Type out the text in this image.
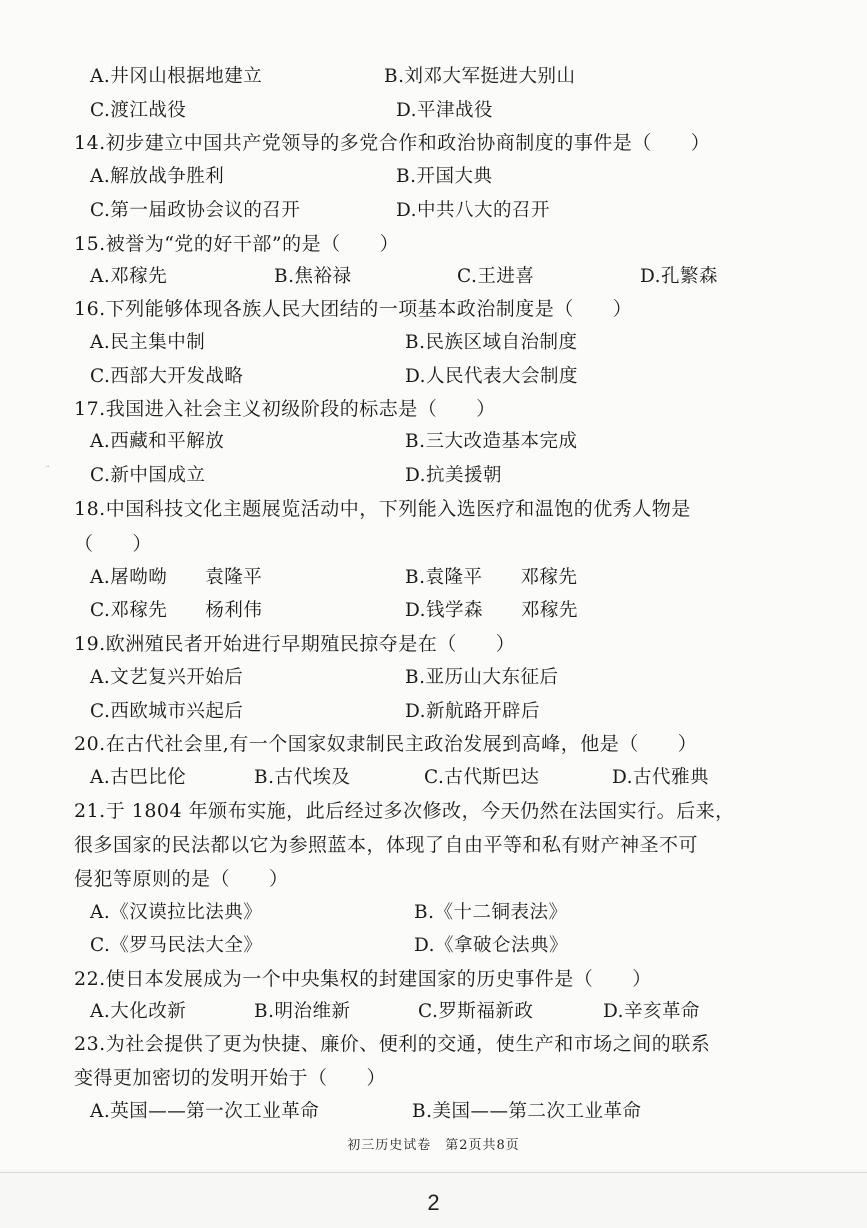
ᵕ
A.井冈山根据地建立	B.刘邓大军挺进大别山
C.渡江战役	D.平津战役
14.初步建立中国共产党领导的多党合作和政治协商制度的事件是（　　）
A.解放战争胜利	B.开国大典
C.第一届政协会议的召开	D.中共八大的召开
15.被誉为“党的好干部”的是（　　）
A.邓稼先	B.焦裕禄	C.王进喜	D.孔繁森
16.下列能够体现各族人民大团结的一项基本政治制度是（　　）
A.民主集中制	B.民族区域自治制度
C.西部大开发战略	D.人民代表大会制度
17.我国进入社会主义初级阶段的标志是（　　）
A.西藏和平解放	B.三大改造基本完成
C.新中国成立	D.抗美援朝
18.中国科技文化主题展览活动中，下列能入选医疗和温饱的优秀人物是
（　　）
A.屠呦呦　　袁隆平	B.袁隆平　　邓稼先
C.邓稼先　　杨利伟	D.钱学森　　邓稼先
19.欧洲殖民者开始进行早期殖民掠夺是在（　　）
A.文艺复兴开始后	B.亚历山大东征后
C.西欧城市兴起后	D.新航路开辟后
20.在古代社会里,有一个国家奴隶制民主政治发展到高峰，他是（　　）
A.古巴比伦	B.古代埃及	C.古代斯巴达	D.古代雅典
21.于 1804 年颁布实施，此后经过多次修改，今天仍然在法国实行。后来，
很多国家的民法都以它为参照蓝本，体现了自由平等和私有财产神圣不可
侵犯等原则的是（　　）
A.《汉谟拉比法典》	B.《十二铜表法》
C.《罗马民法大全》	D.《拿破仑法典》
22.使日本发展成为一个中央集权的封建国家的历史事件是（　　）
A.大化改新	B.明治维新	C.罗斯福新政	D.辛亥革命
23.为社会提供了更为快捷、廉价、便利的交通，使生产和市场之间的联系
变得更加密切的发明开始于（　　）
A.英国——第一次工业革命	B.美国——第二次工业革命
初三历史试卷　第2页共8页
2
